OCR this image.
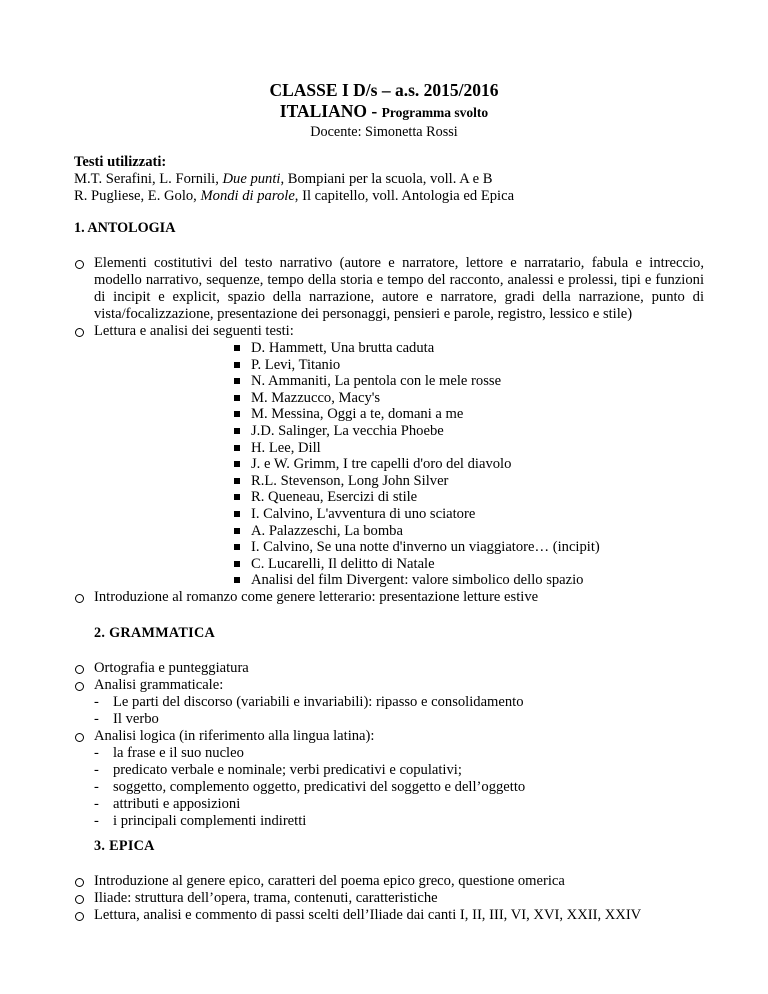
CLASSE I D/s – a.s. 2015/2016
ITALIANO - Programma svolto
Docente: Simonetta Rossi
Testi utilizzati:
M.T. Serafini, L. Fornili, Due punti, Bompiani per la scuola, voll. A e B
R. Pugliese, E. Golo, Mondi di parole, Il capitello, voll. Antologia ed Epica
1. ANTOLOGIA
Elementi costitutivi del testo narrativo (autore e narratore, lettore e narratario, fabula e intreccio, modello narrativo, sequenze, tempo della storia e tempo del racconto, analessi e prolessi, tipi e funzioni di incipit e explicit, spazio della narrazione, autore e narratore, gradi della narrazione, punto di vista/focalizzazione, presentazione dei personaggi, pensieri e parole, registro, lessico e stile)
Lettura e analisi dei seguenti testi:
D. Hammett, Una brutta caduta
P. Levi, Titanio
N. Ammaniti, La pentola con le mele rosse
M. Mazzucco, Macy's
M. Messina, Oggi a te, domani a me
J.D. Salinger, La vecchia Phoebe
H. Lee, Dill
J. e W. Grimm, I tre capelli d'oro del diavolo
R.L. Stevenson, Long John Silver
R. Queneau, Esercizi di stile
I. Calvino, L'avventura di uno sciatore
A. Palazzeschi, La bomba
I. Calvino, Se una notte d'inverno un viaggiatore… (incipit)
C. Lucarelli, Il delitto di Natale
Analisi del film Divergent: valore simbolico dello spazio
Introduzione al romanzo come genere letterario: presentazione letture estive
2. GRAMMATICA
Ortografia e punteggiatura
Analisi grammaticale:
- Le parti del discorso (variabili e invariabili): ripasso e consolidamento
- Il verbo
Analisi logica (in riferimento alla lingua latina):
- la frase e il suo nucleo
- predicato verbale e nominale; verbi predicativi e copulativi;
- soggetto, complemento oggetto, predicativi del soggetto e dell’oggetto
- attributi e apposizioni
- i principali complementi indiretti
3. EPICA
Introduzione al genere epico, caratteri del poema epico greco, questione omerica
Iliade: struttura dell’opera, trama, contenuti, caratteristiche
Lettura, analisi e commento di passi scelti dell’Iliade dai canti I, II, III, VI, XVI, XXII, XXIV
